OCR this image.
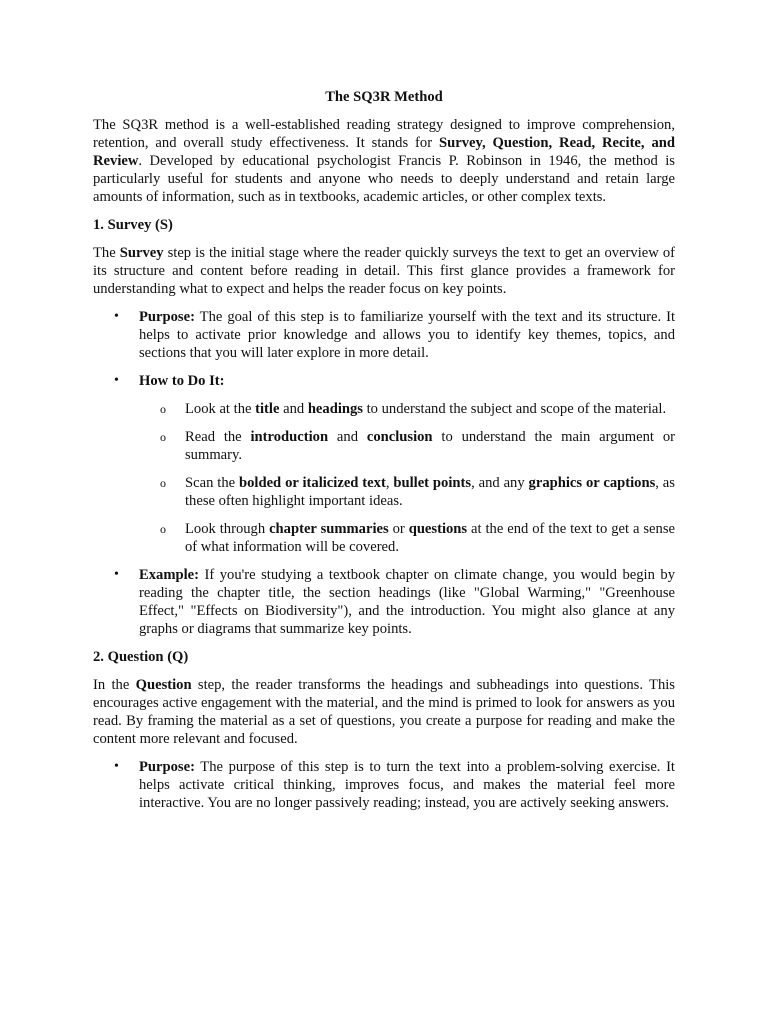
The SQ3R Method

The SQ3R method is a well-established reading strategy designed to improve comprehension, retention, and overall study effectiveness. It stands for Survey, Question, Read, Recite, and Review. Developed by educational psychologist Francis P. Robinson in 1946, the method is particularly useful for students and anyone who needs to deeply understand and retain large amounts of information, such as in textbooks, academic articles, or other complex texts.

1. Survey (S)

The Survey step is the initial stage where the reader quickly surveys the text to get an overview of its structure and content before reading in detail. This first glance provides a framework for understanding what to expect and helps the reader focus on key points.

• Purpose: The goal of this step is to familiarize yourself with the text and its structure. It helps to activate prior knowledge and allows you to identify key themes, topics, and sections that you will later explore in more detail.
• How to Do It:
o Look at the title and headings to understand the subject and scope of the material.
o Read the introduction and conclusion to understand the main argument or summary.
o Scan the bolded or italicized text, bullet points, and any graphics or captions, as these often highlight important ideas.
o Look through chapter summaries or questions at the end of the text to get a sense of what information will be covered.
• Example: If you're studying a textbook chapter on climate change, you would begin by reading the chapter title, the section headings (like "Global Warming," "Greenhouse Effect," "Effects on Biodiversity"), and the introduction. You might also glance at any graphs or diagrams that summarize key points.
2. Question (Q)

In the Question step, the reader transforms the headings and subheadings into questions. This encourages active engagement with the material, and the mind is primed to look for answers as you read. By framing the material as a set of questions, you create a purpose for reading and make the content more relevant and focused.

• Purpose: The purpose of this step is to turn the text into a problem-solving exercise. It helps activate critical thinking, improves focus, and makes the material feel more interactive. You are no longer passively reading; instead, you are actively seeking answers.
